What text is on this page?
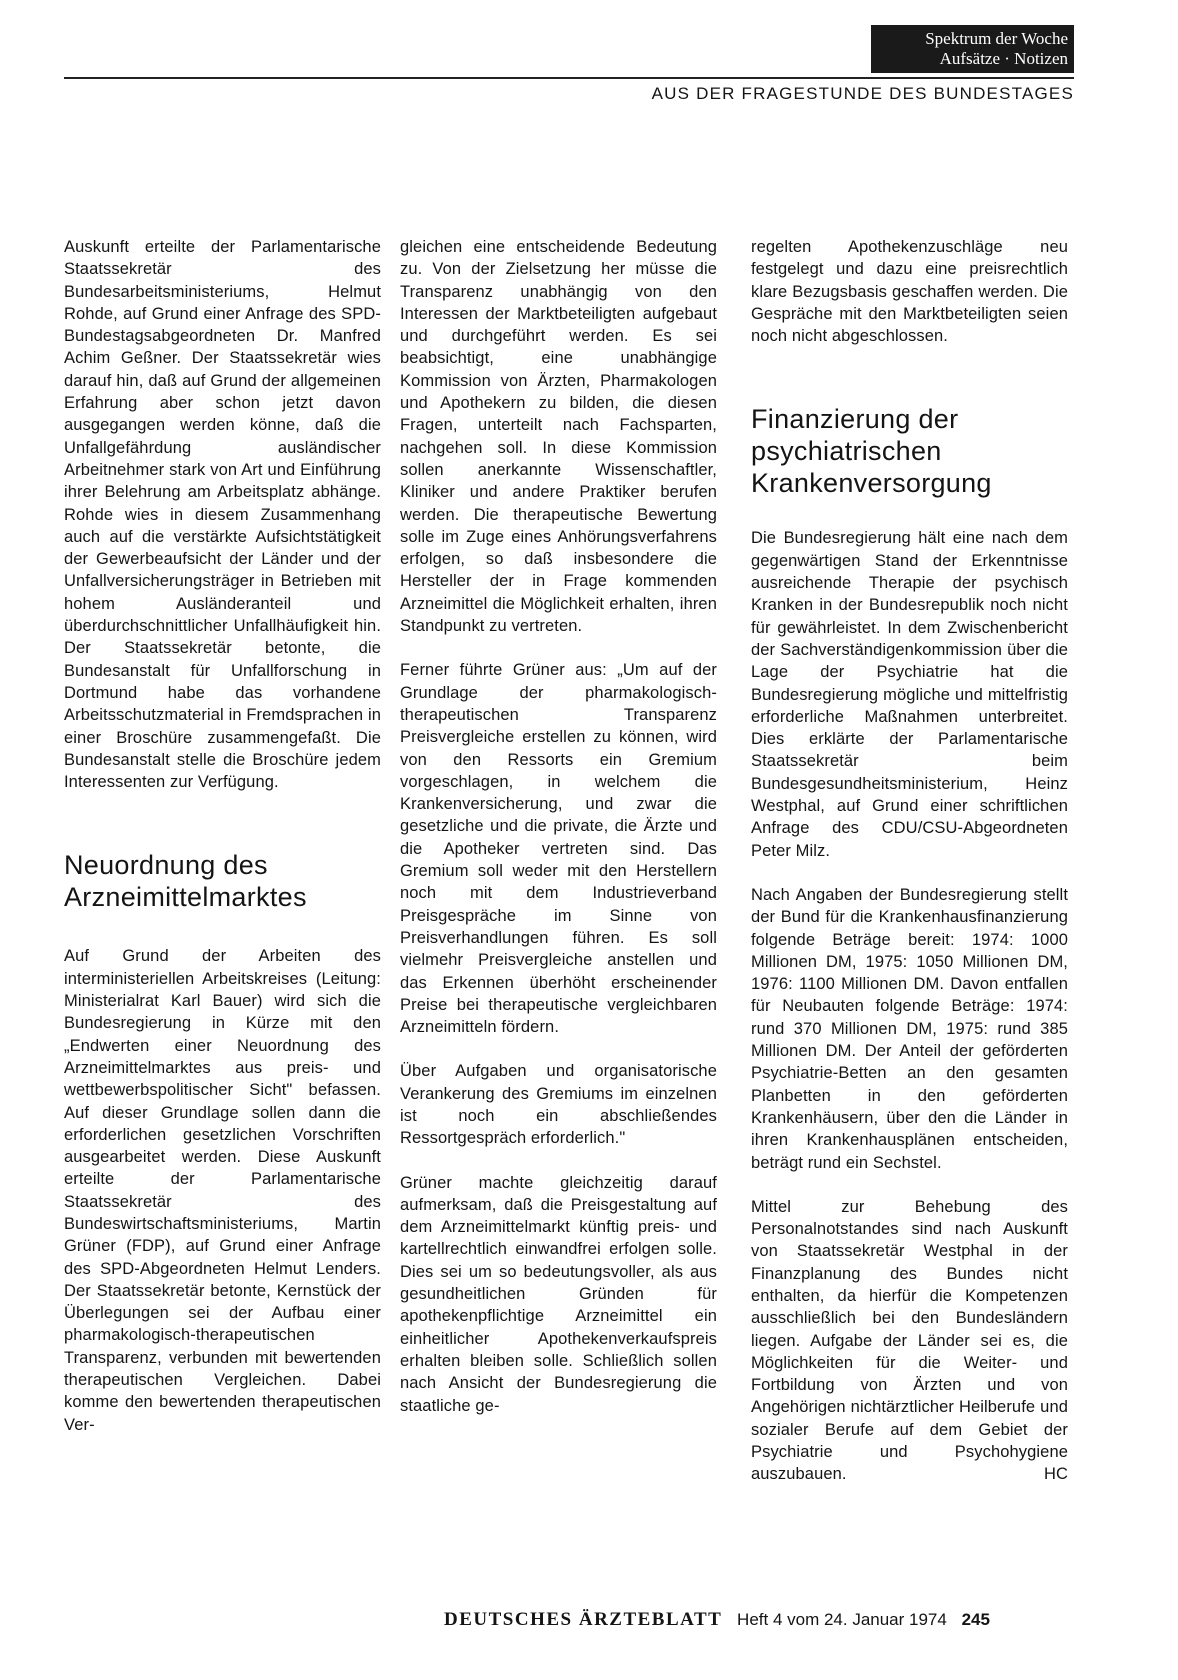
Spektrum der Woche
Aufsätze · Notizen
AUS DER FRAGESTUNDE DES BUNDESTAGES
Auskunft erteilte der Parlamentarische Staatssekretär des Bundesarbeitsministeriums, Helmut Rohde, auf Grund einer Anfrage des SPD-Bundestagsabgeordneten Dr. Manfred Achim Geßner. Der Staatssekretär wies darauf hin, daß auf Grund der allgemeinen Erfahrung aber schon jetzt davon ausgegangen werden könne, daß die Unfallgefährdung ausländischer Arbeitnehmer stark von Art und Einführung ihrer Belehrung am Arbeitsplatz abhänge. Rohde wies in diesem Zusammenhang auch auf die verstärkte Aufsichtstätigkeit der Gewerbeaufsicht der Länder und der Unfallversicherungsträger in Betrieben mit hohem Ausländeranteil und überdurchschnittlicher Unfallhäufigkeit hin. Der Staatssekretär betonte, die Bundesanstalt für Unfallforschung in Dortmund habe das vorhandene Arbeitsschutzmaterial in Fremdsprachen in einer Broschüre zusammengefaßt. Die Bundesanstalt stelle die Broschüre jedem Interessenten zur Verfügung.
Neuordnung des Arzneimittelmarktes
Auf Grund der Arbeiten des interministeriellen Arbeitskreises (Leitung: Ministerialrat Karl Bauer) wird sich die Bundesregierung in Kürze mit den „Endwerten einer Neuordnung des Arzneimittelmarktes aus preis- und wettbewerbspolitischer Sicht" befassen. Auf dieser Grundlage sollen dann die erforderlichen gesetzlichen Vorschriften ausgearbeitet werden. Diese Auskunft erteilte der Parlamentarische Staatssekretär des Bundeswirtschaftsministeriums, Martin Grüner (FDP), auf Grund einer Anfrage des SPD-Abgeordneten Helmut Lenders. Der Staatssekretär betonte, Kernstück der Überlegungen sei der Aufbau einer pharmakologisch-therapeutischen Transparenz, verbunden mit bewertenden therapeutischen Vergleichen. Dabei komme den bewertenden therapeutischen Ver-
gleichen eine entscheidende Bedeutung zu. Von der Zielsetzung her müsse die Transparenz unabhängig von den Interessen der Marktbeteiligten aufgebaut und durchgeführt werden. Es sei beabsichtigt, eine unabhängige Kommission von Ärzten, Pharmakologen und Apothekern zu bilden, die diesen Fragen, unterteilt nach Fachsparten, nachgehen soll. In diese Kommission sollen anerkannte Wissenschaftler, Kliniker und andere Praktiker berufen werden. Die therapeutische Bewertung solle im Zuge eines Anhörungsverfahrens erfolgen, so daß insbesondere die Hersteller der in Frage kommenden Arzneimittel die Möglichkeit erhalten, ihren Standpunkt zu vertreten.
Ferner führte Grüner aus: „Um auf der Grundlage der pharmakologisch-therapeutischen Transparenz Preisvergleiche erstellen zu können, wird von den Ressorts ein Gremium vorgeschlagen, in welchem die Krankenversicherung, und zwar die gesetzliche und die private, die Ärzte und die Apotheker vertreten sind. Das Gremium soll weder mit den Herstellern noch mit dem Industrieverband Preisgespräche im Sinne von Preisverhandlungen führen. Es soll vielmehr Preisvergleiche anstellen und das Erkennen überhöht erscheinender Preise bei therapeutische vergleichbaren Arzneimitteln fördern.
Über Aufgaben und organisatorische Verankerung des Gremiums im einzelnen ist noch ein abschließendes Ressortgespräch erforderlich."
Grüner machte gleichzeitig darauf aufmerksam, daß die Preisgestaltung auf dem Arzneimittelmarkt künftig preis- und kartellrechtlich einwandfrei erfolgen solle. Dies sei um so bedeutungsvoller, als aus gesundheitlichen Gründen für apothekenpflichtige Arzneimittel ein einheitlicher Apothekenverkaufspreis erhalten bleiben solle. Schließlich sollen nach Ansicht der Bundesregierung die staatliche ge-
regelten Apothekenzuschläge neu festgelegt und dazu eine preisrechtlich klare Bezugsbasis geschaffen werden. Die Gespräche mit den Marktbeteiligten seien noch nicht abgeschlossen.
Finanzierung der psychiatrischen Krankenversorgung
Die Bundesregierung hält eine nach dem gegenwärtigen Stand der Erkenntnisse ausreichende Therapie der psychisch Kranken in der Bundesrepublik noch nicht für gewährleistet. In dem Zwischenbericht der Sachverständigenkommission über die Lage der Psychiatrie hat die Bundesregierung mögliche und mittelfristig erforderliche Maßnahmen unterbreitet. Dies erklärte der Parlamentarische Staatssekretär beim Bundesgesundheitsministerium, Heinz Westphal, auf Grund einer schriftlichen Anfrage des CDU/CSU-Abgeordneten Peter Milz.
Nach Angaben der Bundesregierung stellt der Bund für die Krankenhausfinanzierung folgende Beträge bereit: 1974: 1000 Millionen DM, 1975: 1050 Millionen DM, 1976: 1100 Millionen DM. Davon entfallen für Neubauten folgende Beträge: 1974: rund 370 Millionen DM, 1975: rund 385 Millionen DM. Der Anteil der geförderten Psychiatrie-Betten an den gesamten Planbetten in den geförderten Krankenhäusern, über den die Länder in ihren Krankenhausplänen entscheiden, beträgt rund ein Sechstel.
Mittel zur Behebung des Personalnotstandes sind nach Auskunft von Staatssekretär Westphal in der Finanzplanung des Bundes nicht enthalten, da hierfür die Kompetenzen ausschließlich bei den Bundesländern liegen. Aufgabe der Länder sei es, die Möglichkeiten für die Weiter- und Fortbildung von Ärzten und von Angehörigen nichtärztlicher Heilberufe und sozialer Berufe auf dem Gebiet der Psychiatrie und Psychohygiene auszubauen.	HC
DEUTSCHES ÄRZTEBLATT Heft 4 vom 24. Januar 1974 245
